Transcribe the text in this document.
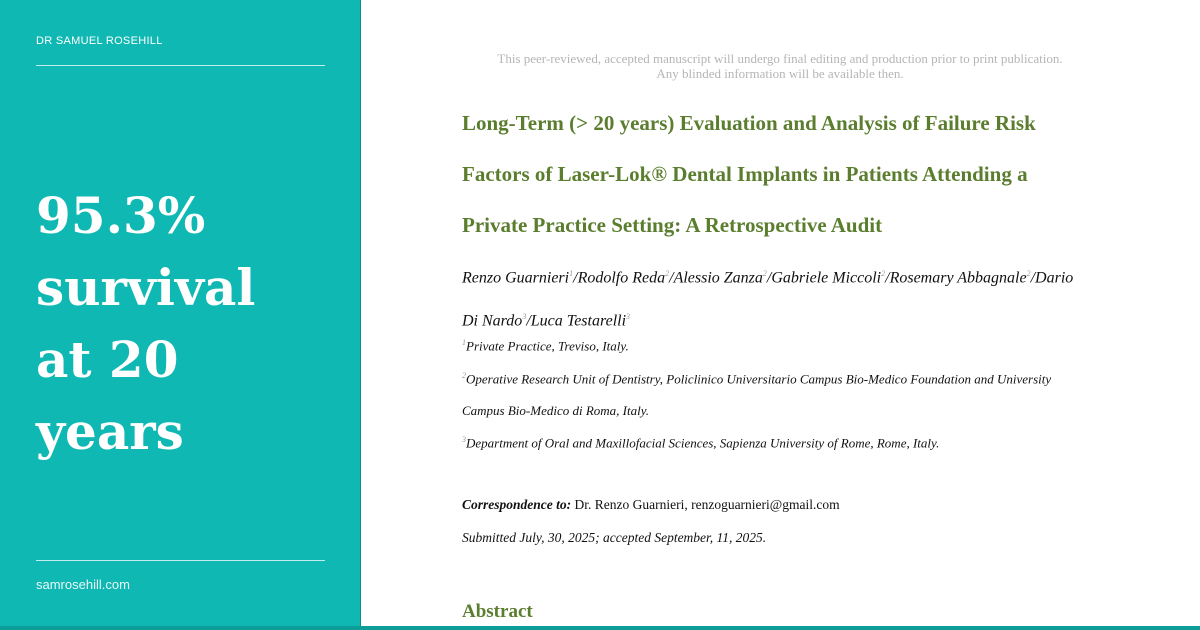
DR SAMUEL ROSEHILL
95.3%
survival
at 20
years
samrosehill.com
This peer-reviewed, accepted manuscript will undergo final editing and production prior to print publication.
Any blinded information will be available then.
Long-Term (> 20 years) Evaluation and Analysis of Failure Risk
Factors of Laser-Lok® Dental Implants in Patients Attending a
Private Practice Setting: A Retrospective Audit
Renzo Guarnieri$^1$/Rodolfo Reda$^2$/Alessio Zanza$^2$/Gabriele Miccoli$^2$/Rosemary Abbagnale$^2$/Dario Di Nardo$^3$/Luca Testarelli$^3$
$^1$Private Practice, Treviso, Italy.
$^2$Operative Research Unit of Dentistry, Policlinico Universitario Campus Bio-Medico Foundation and University Campus Bio-Medico di Roma, Italy.
$^3$Department of Oral and Maxillofacial Sciences, Sapienza University of Rome, Rome, Italy.
Correspondence to: Dr. Renzo Guarnieri, renzoguarnieri@gmail.com
Submitted July, 30, 2025; accepted September, 11, 2025.
Abstract
